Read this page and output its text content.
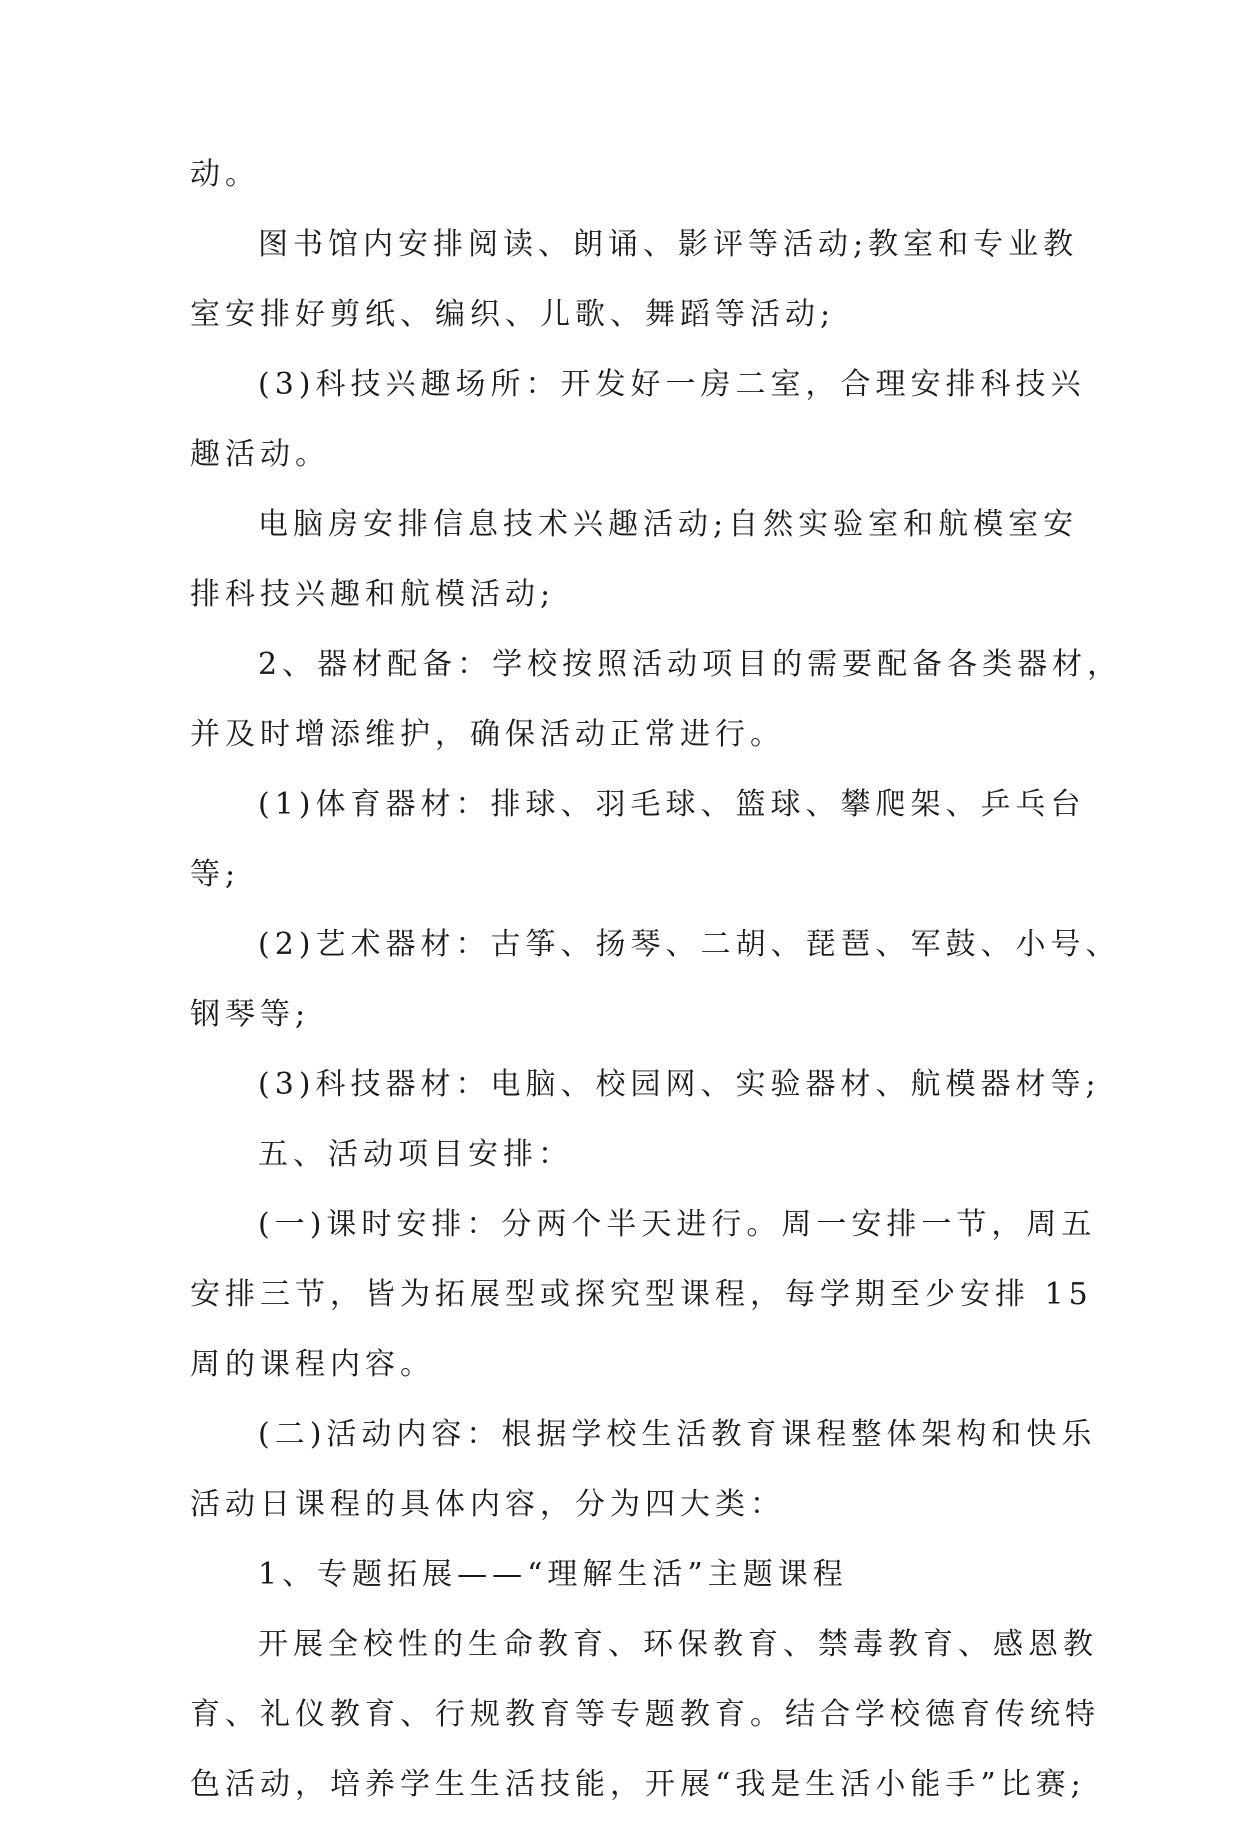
动。
图书馆内安排阅读、朗诵、影评等活动;教室和专业教
室安排好剪纸、编织、儿歌、舞蹈等活动;
(3)科技兴趣场所：开发好一房二室，合理安排科技兴
趣活动。
电脑房安排信息技术兴趣活动;自然实验室和航模室安
排科技兴趣和航模活动;
2、器材配备：学校按照活动项目的需要配备各类器材，
并及时增添维护，确保活动正常进行。
(1)体育器材：排球、羽毛球、篮球、攀爬架、乒乓台
等;
(2)艺术器材：古筝、扬琴、二胡、琵琶、军鼓、小号、
钢琴等;
(3)科技器材：电脑、校园网、实验器材、航模器材等;
五、活动项目安排：
(一)课时安排：分两个半天进行。周一安排一节，周五
安排三节，皆为拓展型或探究型课程，每学期至少安排 15
周的课程内容。
(二)活动内容：根据学校生活教育课程整体架构和快乐
活动日课程的具体内容，分为四大类：
1、专题拓展——“理解生活”主题课程
开展全校性的生命教育、环保教育、禁毒教育、感恩教
育、礼仪教育、行规教育等专题教育。结合学校德育传统特
色活动，培养学生生活技能，开展“我是生活小能手”比赛;
